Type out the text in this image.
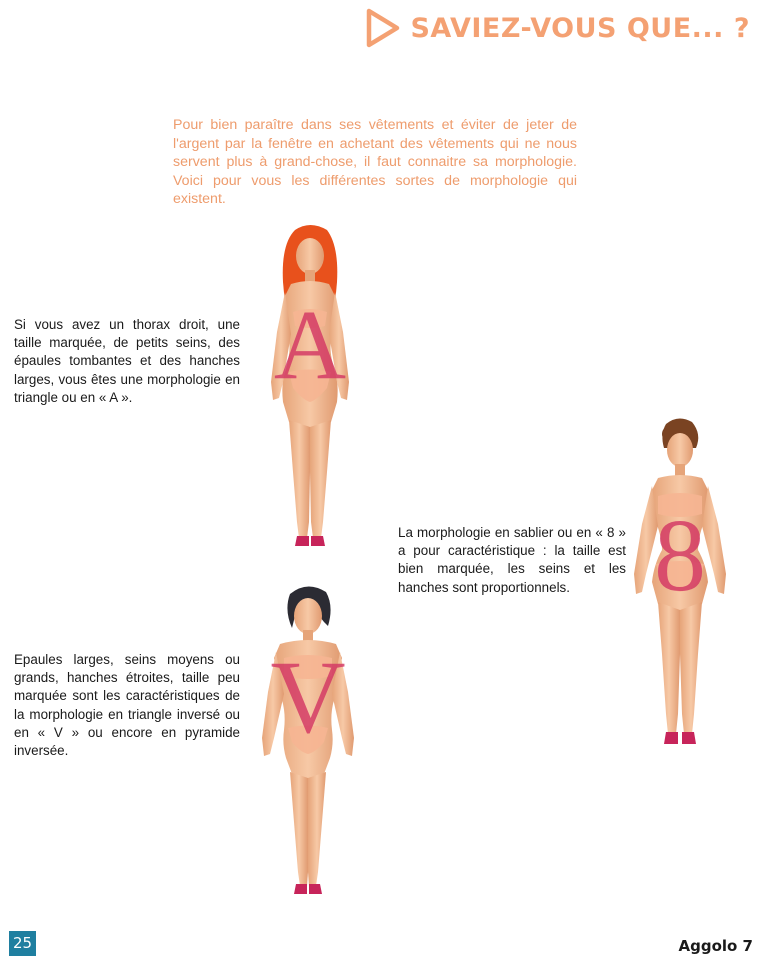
SAVIEZ-VOUS QUE... ?

Pour bien paraître dans ses vêtements et éviter de jeter de l'argent par la fenêtre en achetant des vêtements qui ne nous servent plus à grand-chose, il faut connaitre sa morphologie. Voici pour vous les différentes sortes de morphologie qui existent.

A

Si vous avez un thorax droit, une taille marquée, de petits seins, des épaules tombantes et des hanches larges, vous êtes une morphologie en triangle ou en « A ».

8

La morphologie en sablier ou en « 8 » a pour caractéristique : la taille est bien marquée, les seins et les hanches sont proportionnels.

V

Epaules larges, seins moyens ou grands, hanches étroites, taille peu marquée sont les caractéristiques de la morphologie en triangle inversé ou en « V » ou encore en pyramide inversée.

25	Aggolo 7
